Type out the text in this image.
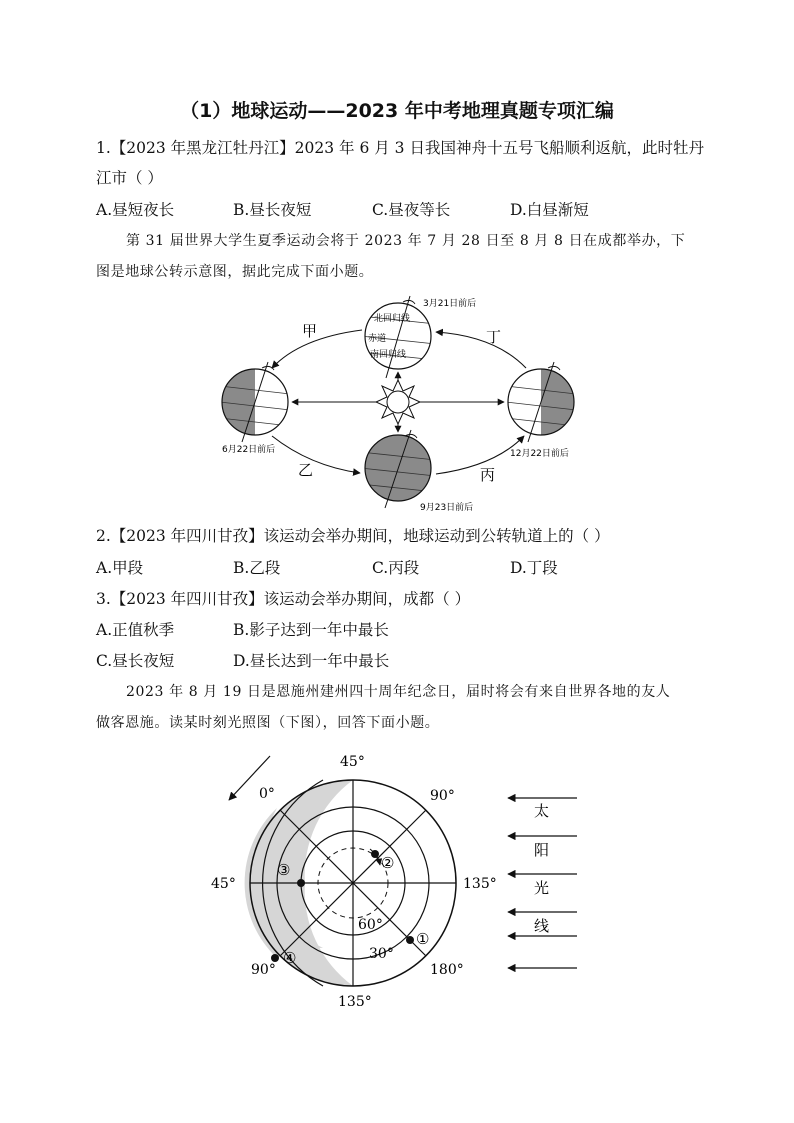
（1）地球运动——2023 年中考地理真题专项汇编
1.【2023 年黑龙江牡丹江】2023 年 6 月 3 日我国神舟十五号飞船顺利返航，此时牡丹
江市（ ）
A.昼短夜长	B.昼长夜短	C.昼夜等长	D.白昼渐短
第 31 届世界大学生夏季运动会将于 2023 年 7 月 28 日至 8 月 8 日在成都举办，下
图是地球公转示意图，据此完成下面小题。
北回归线
赤道
南回归线
3月21日前后
6月22日前后	12月22日前后
9月23日前后
甲
乙	丙
丁
2.【2023 年四川甘孜】该运动会举办期间，地球运动到公转轨道上的（ ）
A.甲段	B.乙段	C.丙段	D.丁段
3.【2023 年四川甘孜】该运动会举办期间，成都（ ）
A.正值秋季	B.影子达到一年中最长
C.昼长夜短	D.昼长达到一年中最长
2023 年 8 月 19 日是恩施州建州四十周年纪念日，届时将会有来自世界各地的友人
做客恩施。读某时刻光照图（下图），回答下面小题。
45°
0°	90°
45°	135°
90°	180°
135°
60°
30°
①
②
③
④
太
阳
光
线
